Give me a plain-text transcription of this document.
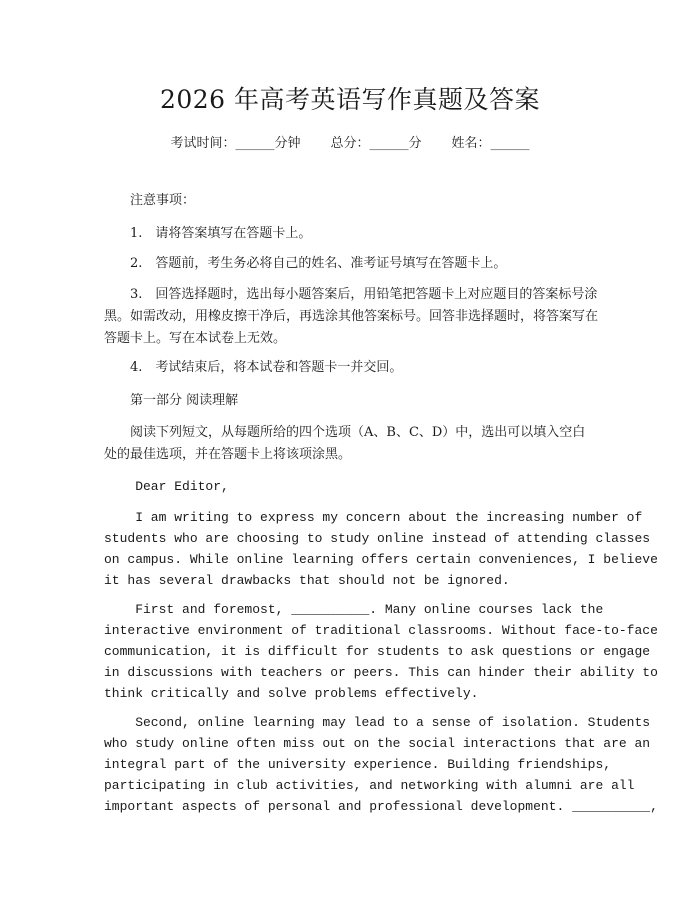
2026 年高考英语写作真题及答案
考试时间：______分钟 总分：______分 姓名：______

注意事项：

1.　请将答案填写在答题卡上。

2.　答题前，考生务必将自己的姓名、准考证号填写在答题卡上。

3.　回答选择题时，选出每小题答案后，用铅笔把答题卡上对应题目的答案标号涂黑。如需改动，用橡皮擦干净后，再选涂其他答案标号。回答非选择题时，将答案写在答题卡上。写在本试卷上无效。

4.　考试结束后，将本试卷和答题卡一并交回。

第一部分 阅读理解

阅读下列短文，从每题所给的四个选项（A、B、C、D）中，选出可以填入空白处的最佳选项，并在答题卡上将该项涂黑。

Dear Editor,

I am writing to express my concern about the increasing number of
students who are choosing to study online instead of attending classes
on campus. While online learning offers certain conveniences, I believe
it has several drawbacks that should not be ignored.

First and foremost, __________. Many online courses lack the
interactive environment of traditional classrooms. Without face-to-face
communication, it is difficult for students to ask questions or engage
in discussions with teachers or peers. This can hinder their ability to
think critically and solve problems effectively.

Second, online learning may lead to a sense of isolation. Students
who study online often miss out on the social interactions that are an
integral part of the university experience. Building friendships,
participating in club activities, and networking with alumni are all
important aspects of personal and professional development. __________,
